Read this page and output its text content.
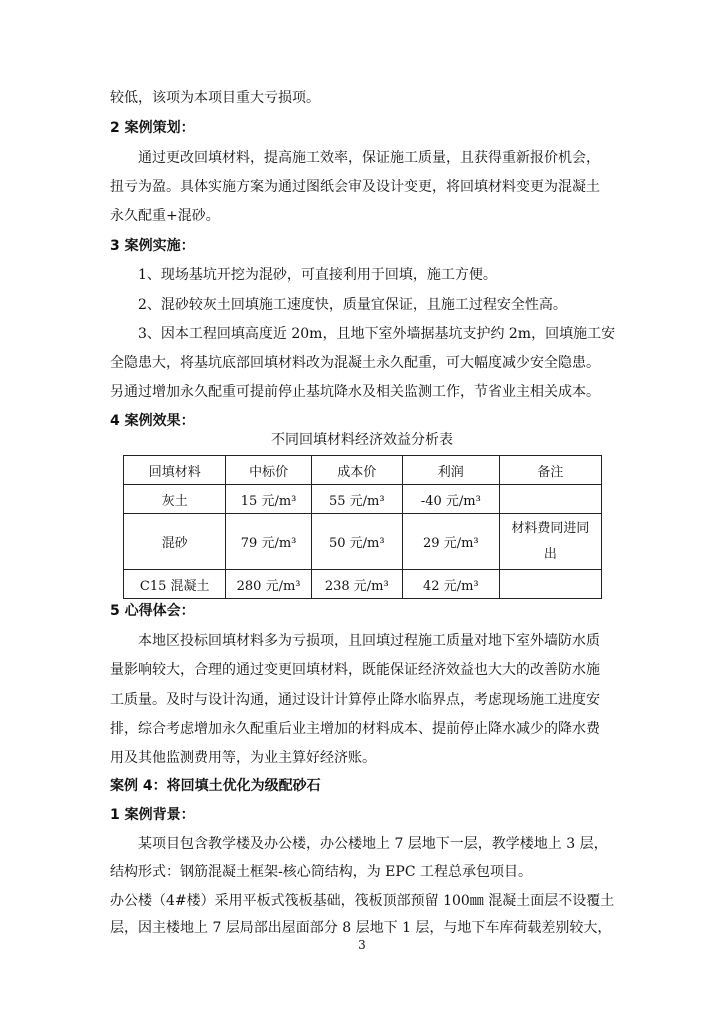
较低，该项为本项目重大亏损项。
2 案例策划：
通过更改回填材料，提高施工效率，保证施工质量，且获得重新报价机会，
扭亏为盈。具体实施方案为通过图纸会审及设计变更，将回填材料变更为混凝土
永久配重+混砂。
3 案例实施：
1、现场基坑开挖为混砂，可直接利用于回填，施工方便。
2、混砂较灰土回填施工速度快，质量宜保证，且施工过程安全性高。
3、因本工程回填高度近 20m，且地下室外墙据基坑支护约 2m，回填施工安
全隐患大，将基坑底部回填材料改为混凝土永久配重，可大幅度减少安全隐患。
另通过增加永久配重可提前停止基坑降水及相关监测工作，节省业主相关成本。
4 案例效果：
不同回填材料经济效益分析表
回填材料	中标价	成本价	利润	备注
灰土	15 元/m³	55 元/m³	-40 元/m³	
混砂	79 元/m³	50 元/m³	29 元/m³	材料费同进同出
C15 混凝土	280 元/m³	238 元/m³	42 元/m³	
5 心得体会：
本地区投标回填材料多为亏损项，且回填过程施工质量对地下室外墙防水质
量影响较大，合理的通过变更回填材料，既能保证经济效益也大大的改善防水施
工质量。及时与设计沟通，通过设计计算停止降水临界点，考虑现场施工进度安
排，综合考虑增加永久配重后业主增加的材料成本、提前停止降水减少的降水费
用及其他监测费用等，为业主算好经济账。
案例 4：将回填土优化为级配砂石
1 案例背景：
某项目包含教学楼及办公楼，办公楼地上 7 层地下一层，教学楼地上 3 层，
结构形式：钢筋混凝土框架-核心筒结构，为 EPC 工程总承包项目。
办公楼（4#楼）采用平板式筏板基础，筏板顶部预留 100㎜ 混凝土面层不设覆土
层，因主楼地上 7 层局部出屋面部分 8 层地下 1 层，与地下车库荷载差别较大，
3
